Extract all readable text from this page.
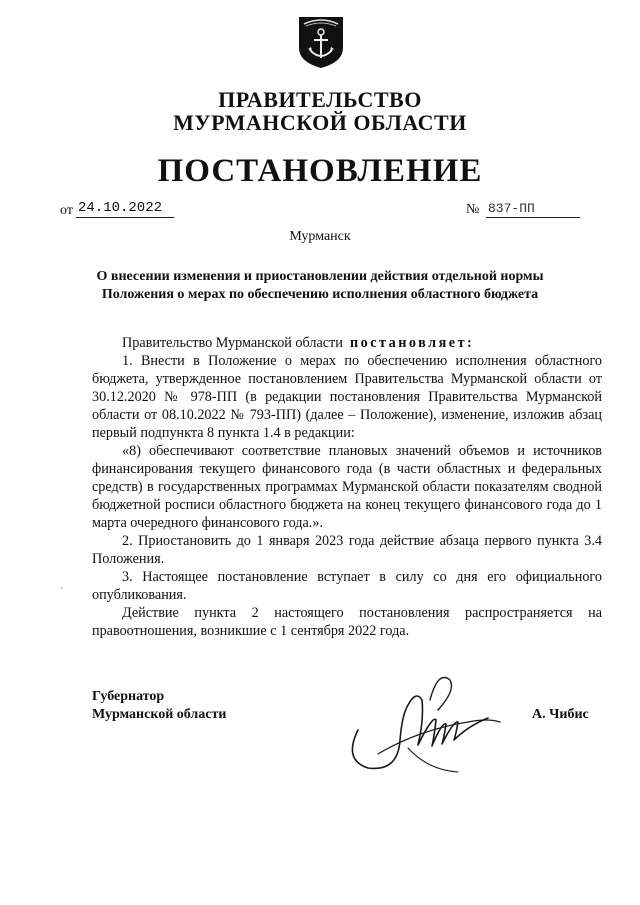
ПРАВИТЕЛЬСТВО
МУРМАНСКОЙ ОБЛАСТИ
ПОСТАНОВЛЕНИЕ
от 24.10.2022	№ 837-ПП
Мурманск
О внесении изменения и приостановлении действия отдельной нормы
Положения о мерах по обеспечению исполнения областного бюджета

Правительство Мурманской области постановляет:

1. Внести в Положение о мерах по обеспечению исполнения областного бюджета, утвержденное постановлением Правительства Мурманской области от 30.12.2020 № 978-ПП (в редакции постановления Правительства Мурманской области от 08.10.2022 № 793-ПП) (далее – Положение), изменение, изложив абзац первый подпункта 8 пункта 1.4 в редакции:

«8) обеспечивают соответствие плановых значений объемов и источников финансирования текущего финансового года (в части областных и федеральных средств) в государственных программах Мурманской области показателям сводной бюджетной росписи областного бюджета на конец текущего финансового года до 1 марта очередного финансового года.».

2. Приостановить до 1 января 2023 года действие абзаца первого пункта 3.4 Положения.

3. Настоящее постановление вступает в силу со дня его официального опубликования.

Действие пункта 2 настоящего постановления распространяется на правоотношения, возникшие с 1 сентября 2022 года.

`
Губернатор
Мурманской области	А. Чибис
